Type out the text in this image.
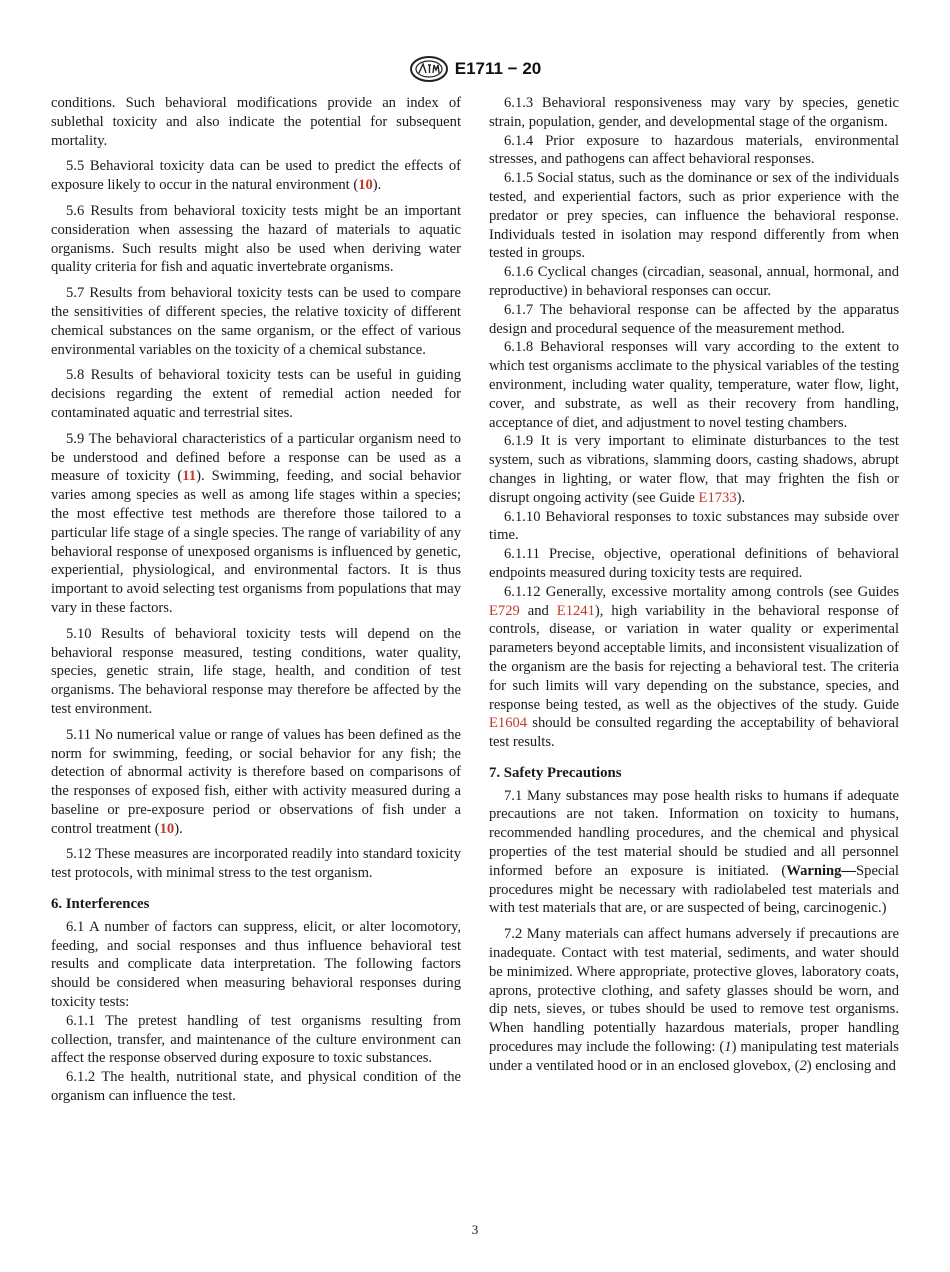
E1711 − 20

conditions. Such behavioral modifications provide an index of sublethal toxicity and also indicate the potential for subsequent mortality.

5.5 Behavioral toxicity data can be used to predict the effects of exposure likely to occur in the natural environment (10).

5.6 Results from behavioral toxicity tests might be an important consideration when assessing the hazard of materials to aquatic organisms. Such results might also be used when deriving water quality criteria for fish and aquatic invertebrate organisms.

5.7 Results from behavioral toxicity tests can be used to compare the sensitivities of different species, the relative toxicity of different chemical substances on the same organism, or the effect of various environmental variables on the toxicity of a chemical substance.

5.8 Results of behavioral toxicity tests can be useful in guiding decisions regarding the extent of remedial action needed for contaminated aquatic and terrestrial sites.

5.9 The behavioral characteristics of a particular organism need to be understood and defined before a response can be used as a measure of toxicity (11). Swimming, feeding, and social behavior varies among species as well as among life stages within a species; the most effective test methods are therefore those tailored to a particular life stage of a single species. The range of variability of any behavioral response of unexposed organisms is influenced by genetic, experiential, physiological, and environmental factors. It is thus important to avoid selecting test organisms from populations that may vary in these factors.

5.10 Results of behavioral toxicity tests will depend on the behavioral response measured, testing conditions, water quality, species, genetic strain, life stage, health, and condition of test organisms. The behavioral response may therefore be affected by the test environment.

5.11 No numerical value or range of values has been defined as the norm for swimming, feeding, or social behavior for any fish; the detection of abnormal activity is therefore based on comparisons of the responses of exposed fish, either with activity measured during a baseline or pre-exposure period or observations of fish under a control treatment (10).

5.12 These measures are incorporated readily into standard toxicity test protocols, with minimal stress to the test organism.

6. Interferences

6.1 A number of factors can suppress, elicit, or alter locomotory, feeding, and social responses and thus influence behavioral test results and complicate data interpretation. The following factors should be considered when measuring behavioral responses during toxicity tests:

6.1.1 The pretest handling of test organisms resulting from collection, transfer, and maintenance of the culture environment can affect the response observed during exposure to toxic substances.

6.1.2 The health, nutritional state, and physical condition of the organism can influence the test.

6.1.3 Behavioral responsiveness may vary by species, genetic strain, population, gender, and developmental stage of the organism.

6.1.4 Prior exposure to hazardous materials, environmental stresses, and pathogens can affect behavioral responses.

6.1.5 Social status, such as the dominance or sex of the individuals tested, and experiential factors, such as prior experience with the predator or prey species, can influence the behavioral response. Individuals tested in isolation may respond differently from when tested in groups.

6.1.6 Cyclical changes (circadian, seasonal, annual, hormonal, and reproductive) in behavioral responses can occur.

6.1.7 The behavioral response can be affected by the apparatus design and procedural sequence of the measurement method.

6.1.8 Behavioral responses will vary according to the extent to which test organisms acclimate to the physical variables of the testing environment, including water quality, temperature, water flow, light, cover, and substrate, as well as their recovery from handling, acceptance of diet, and adjustment to novel testing chambers.

6.1.9 It is very important to eliminate disturbances to the test system, such as vibrations, slamming doors, casting shadows, abrupt changes in lighting, or water flow, that may frighten the fish or disrupt ongoing activity (see Guide E1733).

6.1.10 Behavioral responses to toxic substances may subside over time.

6.1.11 Precise, objective, operational definitions of behavioral endpoints measured during toxicity tests are required.

6.1.12 Generally, excessive mortality among controls (see Guides E729 and E1241), high variability in the behavioral response of controls, disease, or variation in water quality or experimental parameters beyond acceptable limits, and inconsistent visualization of the organism are the basis for rejecting a behavioral test. The criteria for such limits will vary depending on the substance, species, and response being tested, as well as the objectives of the study. Guide E1604 should be consulted regarding the acceptability of behavioral test results.

7. Safety Precautions

7.1 Many substances may pose health risks to humans if adequate precautions are not taken. Information on toxicity to humans, recommended handling procedures, and the chemical and physical properties of the test material should be studied and all personnel informed before an exposure is initiated. (Warning—Special procedures might be necessary with radiolabeled test materials and with test materials that are, or are suspected of being, carcinogenic.)

7.2 Many materials can affect humans adversely if precautions are inadequate. Contact with test material, sediments, and water should be minimized. Where appropriate, protective gloves, laboratory coats, aprons, protective clothing, and safety glasses should be worn, and dip nets, sieves, or tubes should be used to remove test organisms. When handling potentially hazardous materials, proper handling procedures may include the following: (1) manipulating test materials under a ventilated hood or in an enclosed glovebox, (2) enclosing and

3
